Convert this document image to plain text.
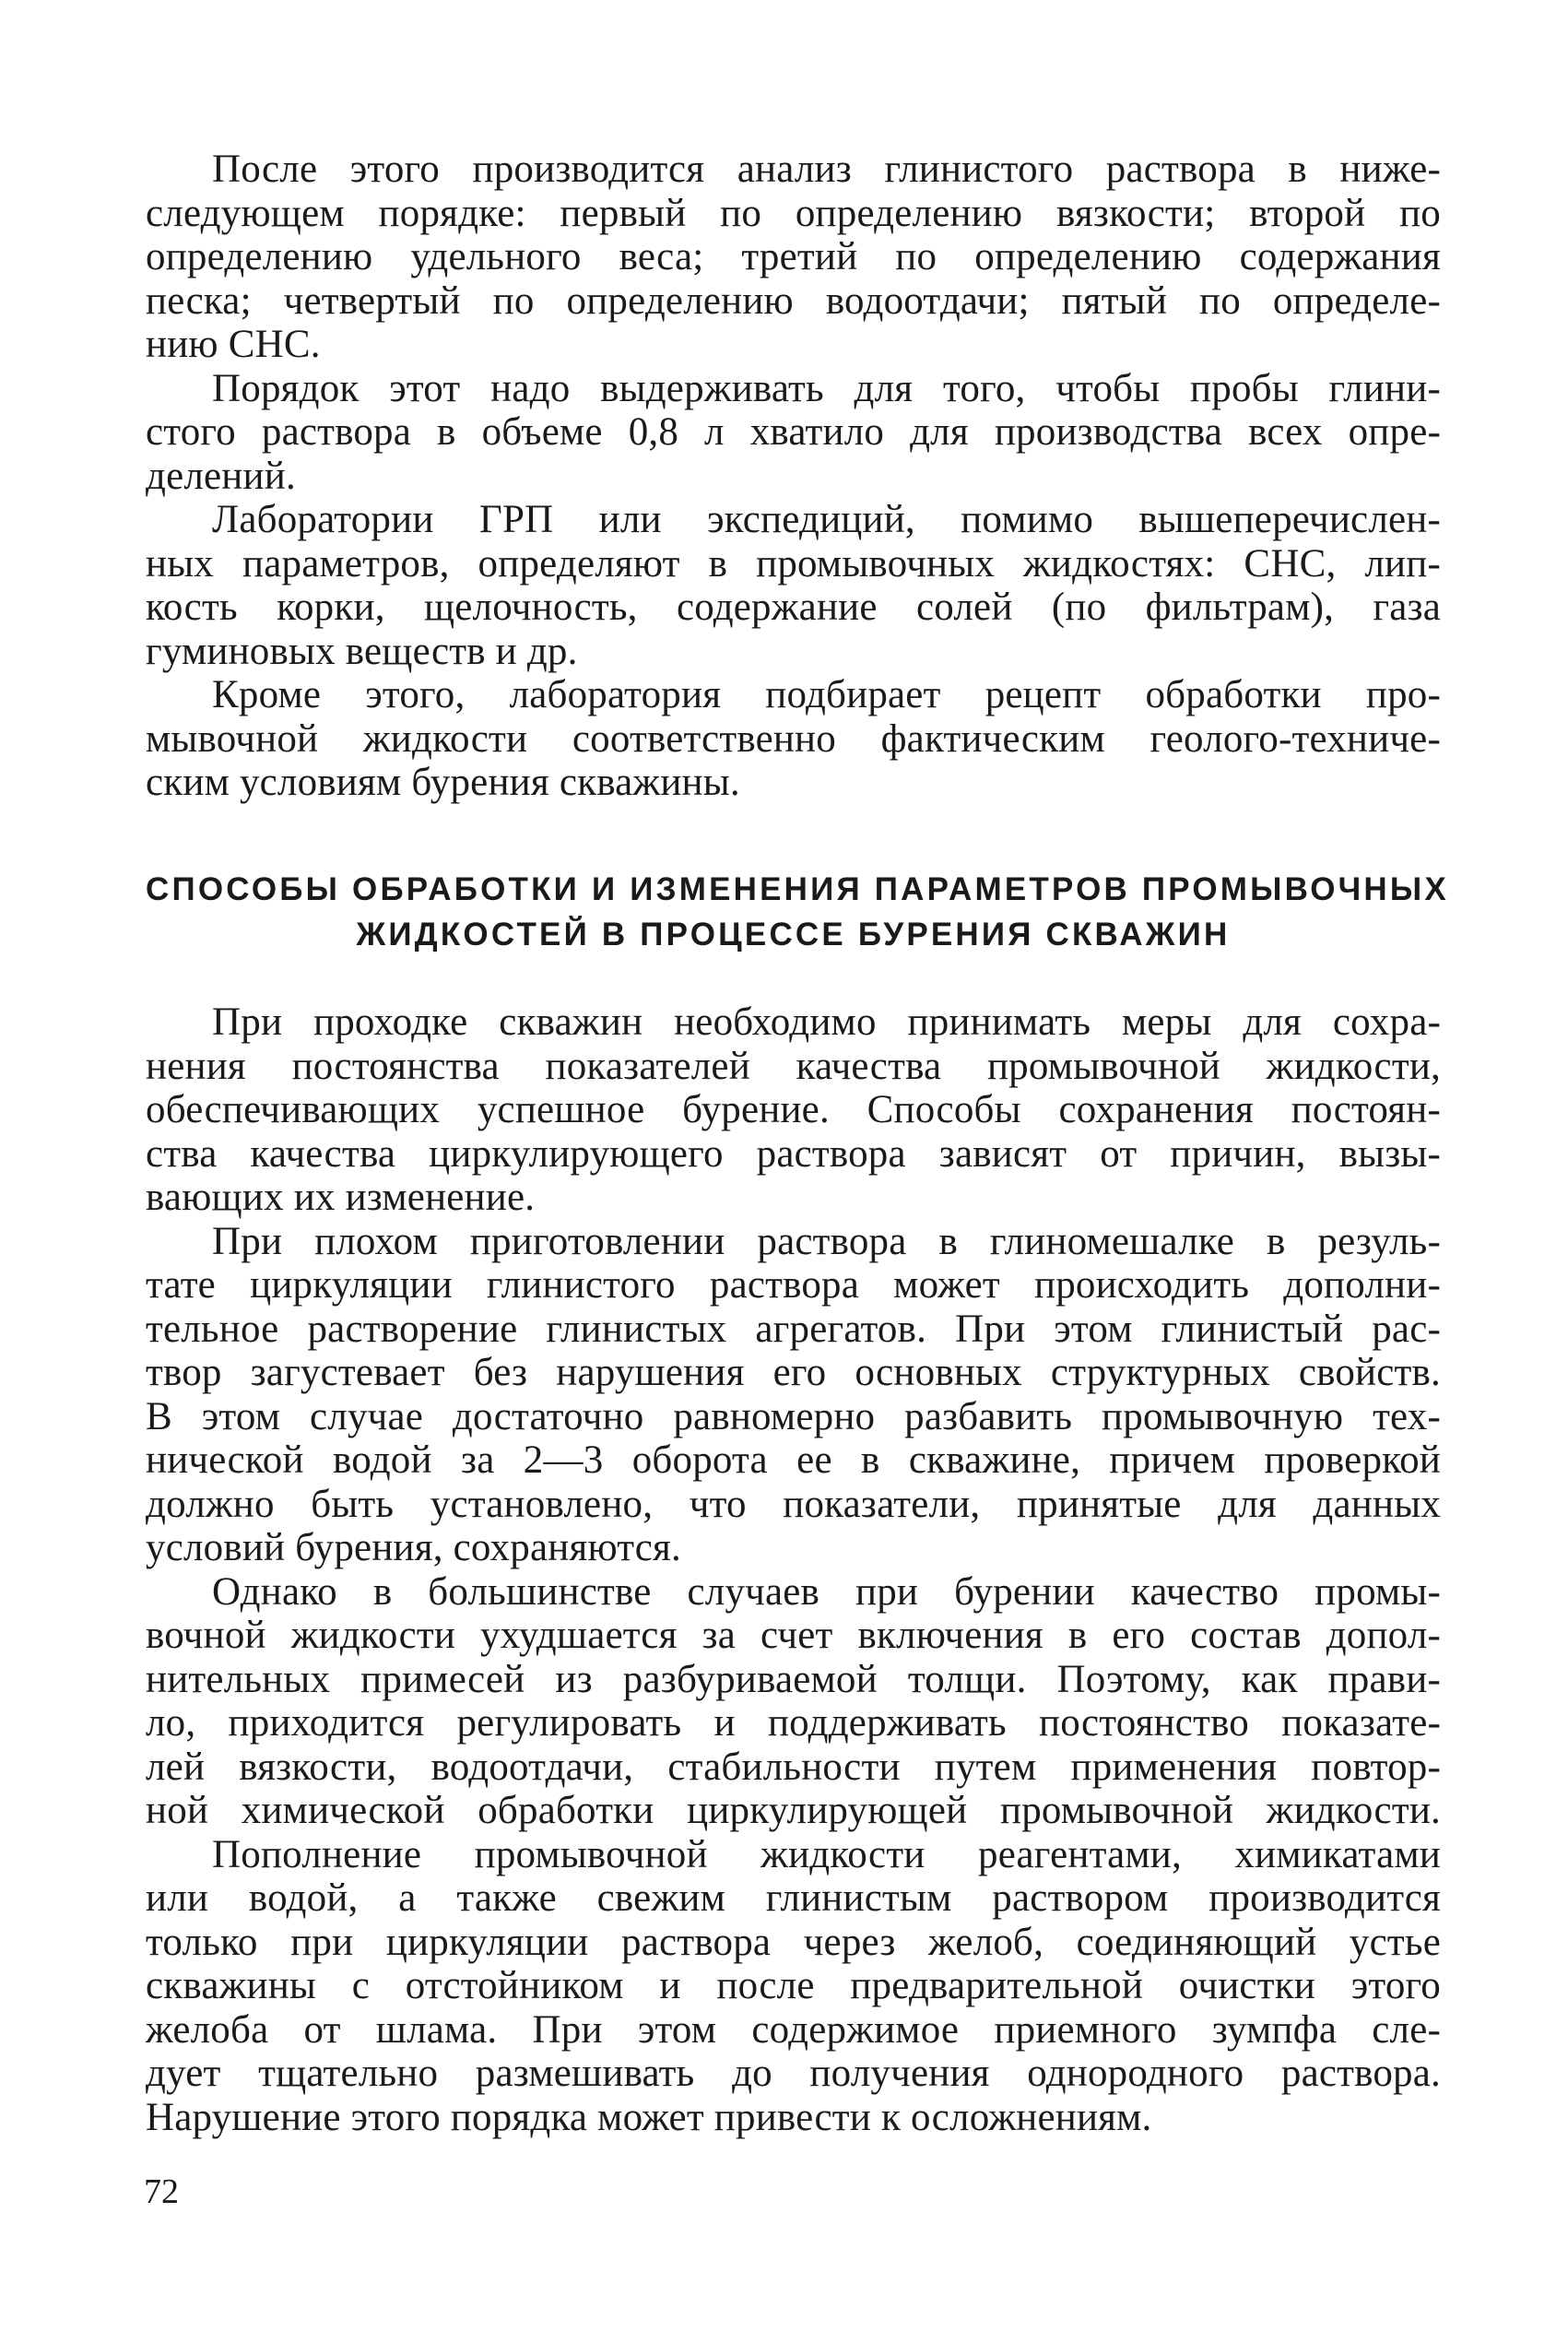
После этого производится анализ глинистого раствора в ниже-
следующем порядке: первый по определению вязкости; второй по
определению удельного веса; третий по определению содержания
песка; четвертый по определению водоотдачи; пятый по определе-
нию СНС.
Порядок этот надо выдерживать для того, чтобы пробы глини-
стого раствора в объеме 0,8 л хватило для производства всех опре-
делений.
Лаборатории ГРП или экспедиций, помимо вышеперечислен-
ных параметров, определяют в промывочных жидкостях: СНС, лип-
кость корки, щелочность, содержание солей (по фильтрам), газа
гуминовых веществ и др.
Кроме этого, лаборатория подбирает рецепт обработки про-
мывочной жидкости соответственно фактическим геолого-техниче-
ским условиям бурения скважины.
СПОСОБЫ ОБРАБОТКИ И ИЗМЕНЕНИЯ ПАРАМЕТРОВ ПРОМЫВОЧНЫХ
ЖИДКОСТЕЙ В ПРОЦЕССЕ БУРЕНИЯ СКВАЖИН
При проходке скважин необходимо принимать меры для сохра-
нения постоянства показателей качества промывочной жидкости,
обеспечивающих успешное бурение. Способы сохранения постоян-
ства качества циркулирующего раствора зависят от причин, вызы-
вающих их изменение.
При плохом приготовлении раствора в глиномешалке в резуль-
тате циркуляции глинистого раствора может происходить дополни-
тельное растворение глинистых агрегатов. При этом глинистый рас-
твор загустевает без нарушения его основных структурных свойств.
В этом случае достаточно равномерно разбавить промывочную тех-
нической водой за 2—3 оборота ее в скважине, причем проверкой
должно быть установлено, что показатели, принятые для данных
условий бурения, сохраняются.
Однако в большинстве случаев при бурении качество промы-
вочной жидкости ухудшается за счет включения в его состав допол-
нительных примесей из разбуриваемой толщи. Поэтому, как прави-
ло, приходится регулировать и поддерживать постоянство показате-
лей вязкости, водоотдачи, стабильности путем применения повтор-
ной химической обработки циркулирующей промывочной жидкости.
Пополнение промывочной жидкости реагентами, химикатами
или водой, а также свежим глинистым раствором производится
только при циркуляции раствора через желоб, соединяющий устье
скважины с отстойником и после предварительной очистки этого
желоба от шлама. При этом содержимое приемного зумпфа сле-
дует тщательно размешивать до получения однородного раствора.
Нарушение этого порядка может привести к осложнениям.
72
